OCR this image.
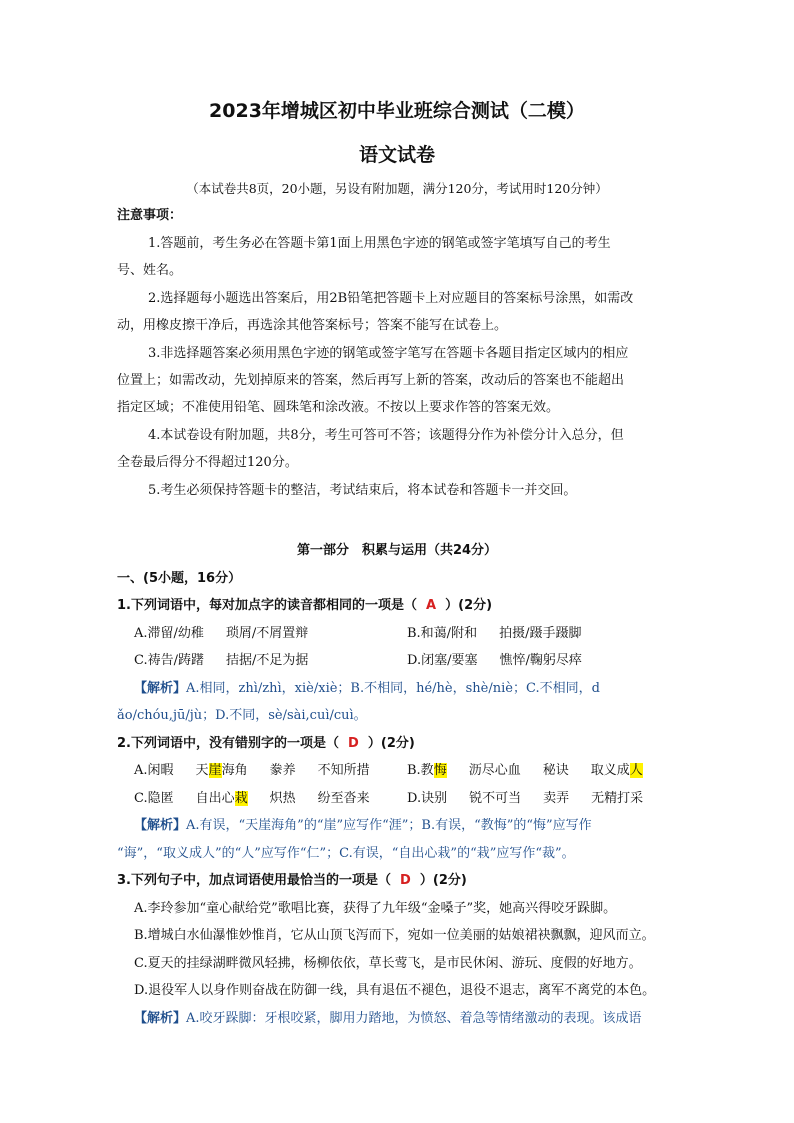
2023年增城区初中毕业班综合测试（二模）
语文试卷
（本试卷共8页，20小题，另设有附加题，满分120分，考试用时120分钟）
注意事项：
1.答题前，考生务必在答题卡第1面上用黑色字迹的钢笔或签字笔填写自己的考生
号、姓名。
2.选择题每小题选出答案后，用2B铅笔把答题卡上对应题目的答案标号涂黑，如需改
动，用橡皮擦干净后，再选涂其他答案标号；答案不能写在试卷上。
3.非选择题答案必须用黑色字迹的钢笔或签字笔写在答题卡各题目指定区域内的相应
位置上；如需改动，先划掉原来的答案，然后再写上新的答案，改动后的答案也不能超出
指定区域；不准使用铅笔、圆珠笔和涂改液。不按以上要求作答的答案无效。
4.本试卷设有附加题，共8分，考生可答可不答；该题得分作为补偿分计入总分，但
全卷最后得分不得超过120分。
5.考生必须保持答题卡的整洁，考试结束后，将本试卷和答题卡一并交回。
第一部分　积累与运用（共24分）
一、(5小题，16分）
1.下列词语中，每对加点字的读音都相同的一项是（ A ）(2分)
A.滞留/幼稚 琐屑/不屑置辩	B.和蔼/附和 拍摄/蹑手蹑脚
C.祷告/踌躇 拮据/不足为据	D.闭塞/要塞 憔悴/鞠躬尽瘁
【解析】A.相同，zhì/zhì，xiè/xiè；B.不相同，hé/hè，shè/niè；C.不相同，d
ǎo/chóu,jū/jù；D.不同，sè/sài,cuì/cuì。
2.下列词语中，没有错别字的一项是（ D ）(2分)
A.闲暇 天崖海角 豢养 不知所措	B.教悔 沥尽心血 秘诀 取义成人
C.隐匿 自出心栽 炽热 纷至沓来	D.诀别 锐不可当 卖弄 无精打采
【解析】A.有误，“天崖海角”的“崖”应写作“涯”；B.有误，“教悔”的“悔”应写作
“诲”，“取义成人”的“人”应写作“仁”；C.有误，“自出心栽”的“栽”应写作“裁”。
3.下列句子中，加点词语使用最恰当的一项是（ D ）(2分)
A.李玲参加“童心献给党”歌唱比赛，获得了九年级“金嗓子”奖，她高兴得咬牙跺脚。
B.增城白水仙瀑惟妙惟肖，它从山顶飞泻而下，宛如一位美丽的姑娘裙袂飘飘，迎风而立。
C.夏天的挂绿湖畔微风轻拂，杨柳依依，草长莺飞，是市民休闲、游玩、度假的好地方。
D.退役军人以身作则奋战在防御一线，具有退伍不褪色，退役不退志，离军不离党的本色。
【解析】A.咬牙跺脚：牙根咬紧，脚用力踏地，为愤怒、着急等情绪激动的表现。该成语
